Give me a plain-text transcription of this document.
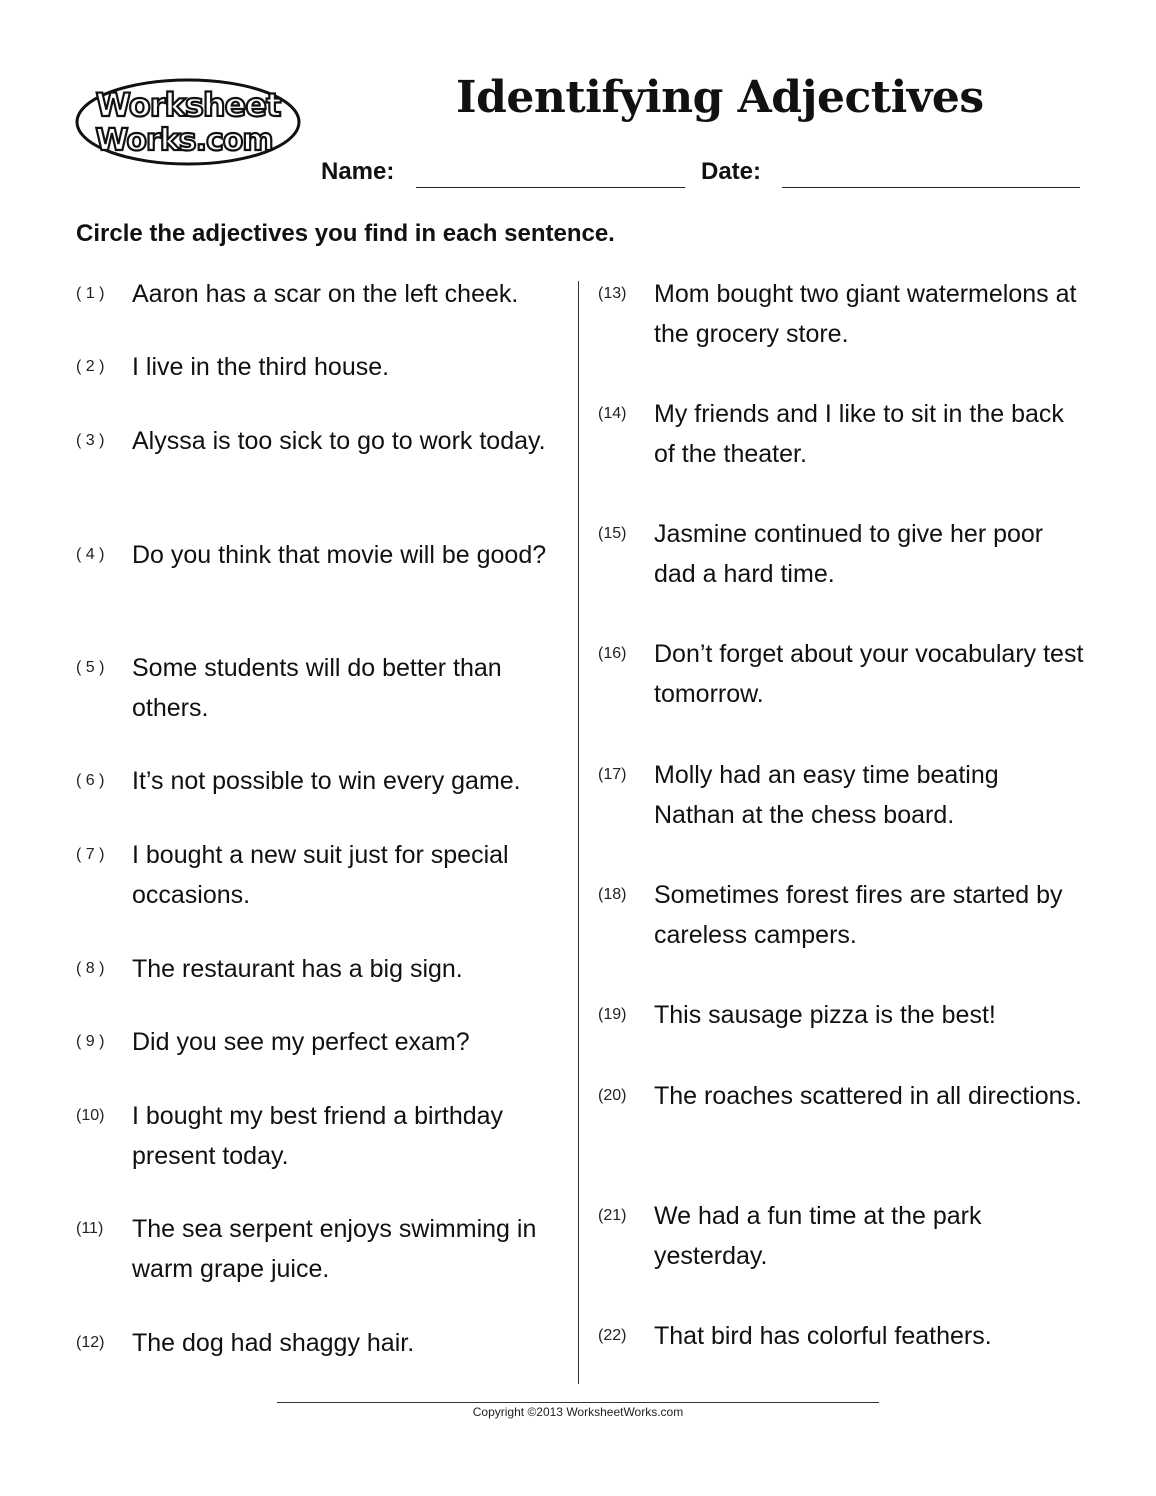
Worksheet
Works.com
Identifying Adjectives
Name:	Date:
Circle the adjectives you find in each sentence.
( 1 ) Aaron has a scar on the left cheek.
( 2 ) I live in the third house.
( 3 ) Alyssa is too sick to go to work today.
( 4 ) Do you think that movie will be good?
( 5 ) Some students will do better than others.
( 6 ) It’s not possible to win every game.
( 7 ) I bought a new suit just for special occasions.
( 8 ) The restaurant has a big sign.
( 9 ) Did you see my perfect exam?
(10) I bought my best friend a birthday present today.
(11) The sea serpent enjoys swimming in warm grape juice.
(12) The dog had shaggy hair.
(13) Mom bought two giant watermelons at the grocery store.
(14) My friends and I like to sit in the back of the theater.
(15) Jasmine continued to give her poor dad a hard time.
(16) Don’t forget about your vocabulary test tomorrow.
(17) Molly had an easy time beating Nathan at the chess board.
(18) Sometimes forest fires are started by careless campers.
(19) This sausage pizza is the best!
(20) The roaches scattered in all directions.
(21) We had a fun time at the park yesterday.
(22) That bird has colorful feathers.
Copyright ©2013 WorksheetWorks.com
